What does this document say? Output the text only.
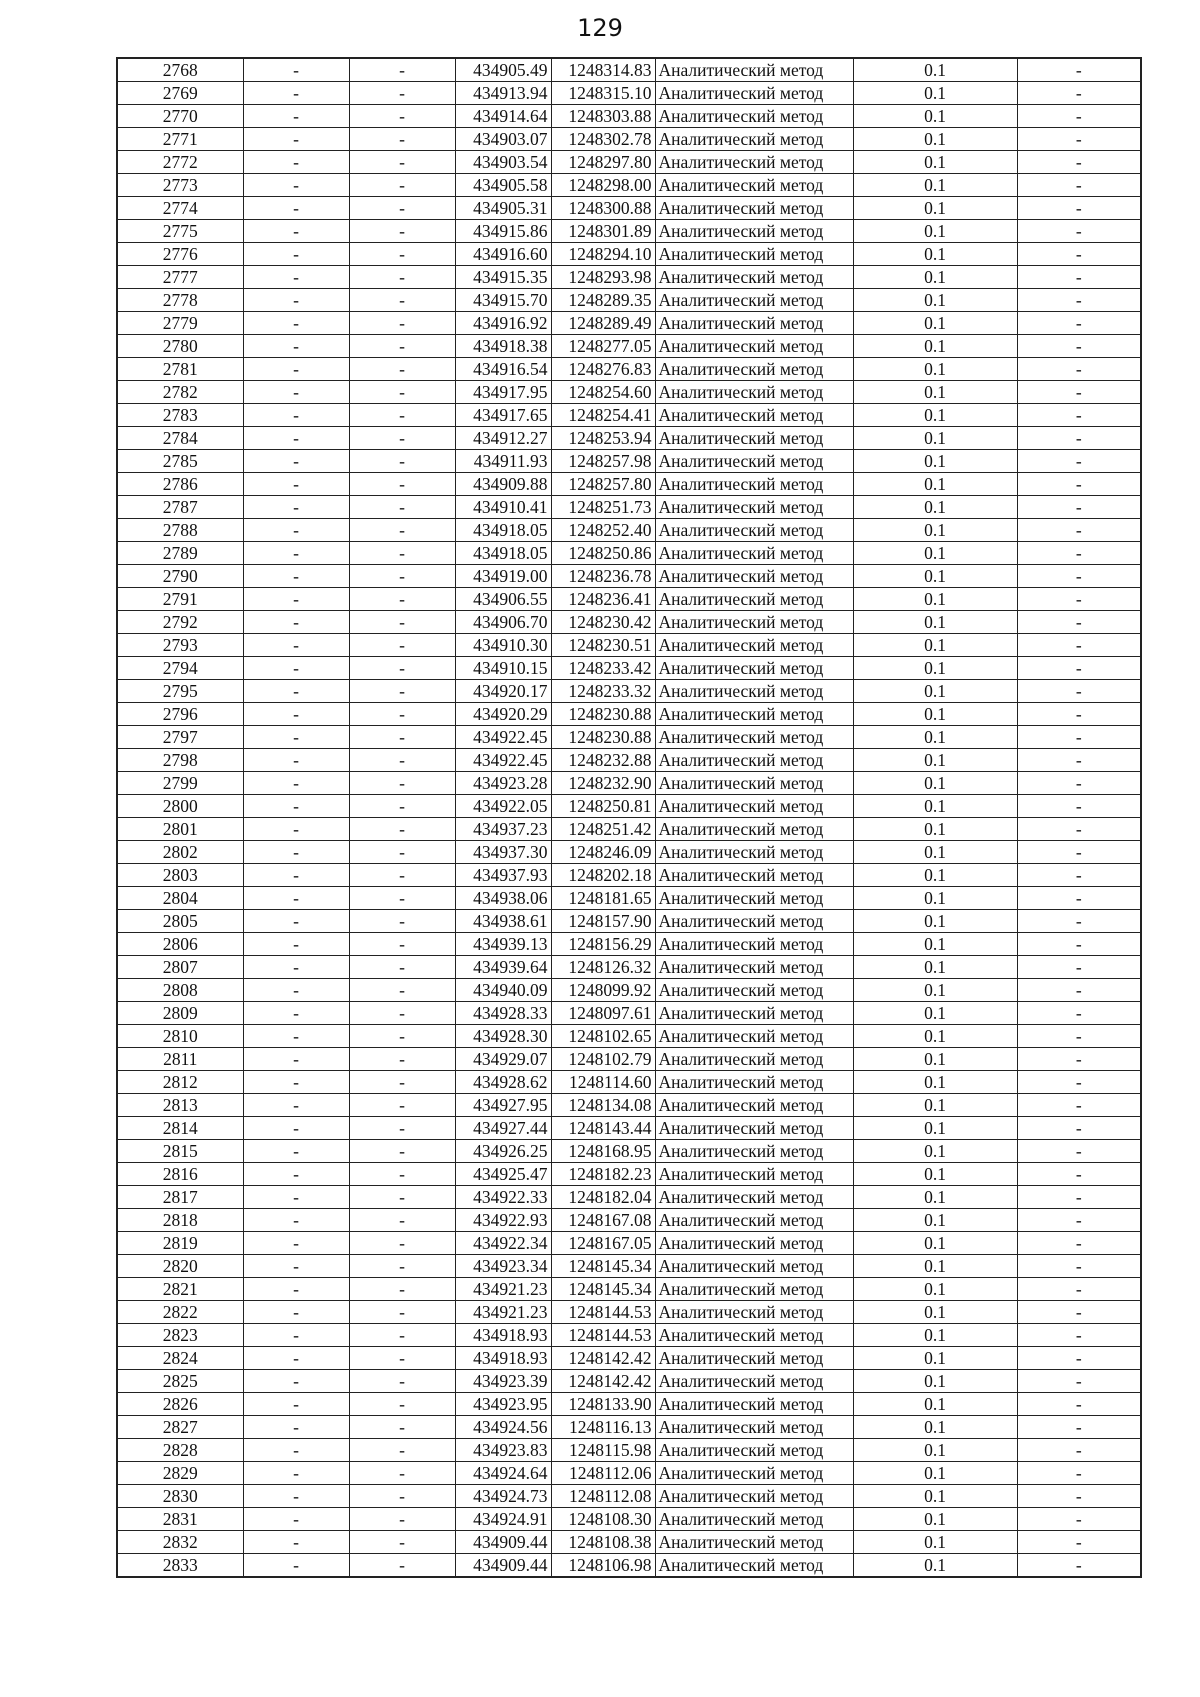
129
2768	-	-	434905.49	1248314.83	Аналитический метод	0.1	-
2769	-	-	434913.94	1248315.10	Аналитический метод	0.1	-
2770	-	-	434914.64	1248303.88	Аналитический метод	0.1	-
2771	-	-	434903.07	1248302.78	Аналитический метод	0.1	-
2772	-	-	434903.54	1248297.80	Аналитический метод	0.1	-
2773	-	-	434905.58	1248298.00	Аналитический метод	0.1	-
2774	-	-	434905.31	1248300.88	Аналитический метод	0.1	-
2775	-	-	434915.86	1248301.89	Аналитический метод	0.1	-
2776	-	-	434916.60	1248294.10	Аналитический метод	0.1	-
2777	-	-	434915.35	1248293.98	Аналитический метод	0.1	-
2778	-	-	434915.70	1248289.35	Аналитический метод	0.1	-
2779	-	-	434916.92	1248289.49	Аналитический метод	0.1	-
2780	-	-	434918.38	1248277.05	Аналитический метод	0.1	-
2781	-	-	434916.54	1248276.83	Аналитический метод	0.1	-
2782	-	-	434917.95	1248254.60	Аналитический метод	0.1	-
2783	-	-	434917.65	1248254.41	Аналитический метод	0.1	-
2784	-	-	434912.27	1248253.94	Аналитический метод	0.1	-
2785	-	-	434911.93	1248257.98	Аналитический метод	0.1	-
2786	-	-	434909.88	1248257.80	Аналитический метод	0.1	-
2787	-	-	434910.41	1248251.73	Аналитический метод	0.1	-
2788	-	-	434918.05	1248252.40	Аналитический метод	0.1	-
2789	-	-	434918.05	1248250.86	Аналитический метод	0.1	-
2790	-	-	434919.00	1248236.78	Аналитический метод	0.1	-
2791	-	-	434906.55	1248236.41	Аналитический метод	0.1	-
2792	-	-	434906.70	1248230.42	Аналитический метод	0.1	-
2793	-	-	434910.30	1248230.51	Аналитический метод	0.1	-
2794	-	-	434910.15	1248233.42	Аналитический метод	0.1	-
2795	-	-	434920.17	1248233.32	Аналитический метод	0.1	-
2796	-	-	434920.29	1248230.88	Аналитический метод	0.1	-
2797	-	-	434922.45	1248230.88	Аналитический метод	0.1	-
2798	-	-	434922.45	1248232.88	Аналитический метод	0.1	-
2799	-	-	434923.28	1248232.90	Аналитический метод	0.1	-
2800	-	-	434922.05	1248250.81	Аналитический метод	0.1	-
2801	-	-	434937.23	1248251.42	Аналитический метод	0.1	-
2802	-	-	434937.30	1248246.09	Аналитический метод	0.1	-
2803	-	-	434937.93	1248202.18	Аналитический метод	0.1	-
2804	-	-	434938.06	1248181.65	Аналитический метод	0.1	-
2805	-	-	434938.61	1248157.90	Аналитический метод	0.1	-
2806	-	-	434939.13	1248156.29	Аналитический метод	0.1	-
2807	-	-	434939.64	1248126.32	Аналитический метод	0.1	-
2808	-	-	434940.09	1248099.92	Аналитический метод	0.1	-
2809	-	-	434928.33	1248097.61	Аналитический метод	0.1	-
2810	-	-	434928.30	1248102.65	Аналитический метод	0.1	-
2811	-	-	434929.07	1248102.79	Аналитический метод	0.1	-
2812	-	-	434928.62	1248114.60	Аналитический метод	0.1	-
2813	-	-	434927.95	1248134.08	Аналитический метод	0.1	-
2814	-	-	434927.44	1248143.44	Аналитический метод	0.1	-
2815	-	-	434926.25	1248168.95	Аналитический метод	0.1	-
2816	-	-	434925.47	1248182.23	Аналитический метод	0.1	-
2817	-	-	434922.33	1248182.04	Аналитический метод	0.1	-
2818	-	-	434922.93	1248167.08	Аналитический метод	0.1	-
2819	-	-	434922.34	1248167.05	Аналитический метод	0.1	-
2820	-	-	434923.34	1248145.34	Аналитический метод	0.1	-
2821	-	-	434921.23	1248145.34	Аналитический метод	0.1	-
2822	-	-	434921.23	1248144.53	Аналитический метод	0.1	-
2823	-	-	434918.93	1248144.53	Аналитический метод	0.1	-
2824	-	-	434918.93	1248142.42	Аналитический метод	0.1	-
2825	-	-	434923.39	1248142.42	Аналитический метод	0.1	-
2826	-	-	434923.95	1248133.90	Аналитический метод	0.1	-
2827	-	-	434924.56	1248116.13	Аналитический метод	0.1	-
2828	-	-	434923.83	1248115.98	Аналитический метод	0.1	-
2829	-	-	434924.64	1248112.06	Аналитический метод	0.1	-
2830	-	-	434924.73	1248112.08	Аналитический метод	0.1	-
2831	-	-	434924.91	1248108.30	Аналитический метод	0.1	-
2832	-	-	434909.44	1248108.38	Аналитический метод	0.1	-
2833	-	-	434909.44	1248106.98	Аналитический метод	0.1	-
